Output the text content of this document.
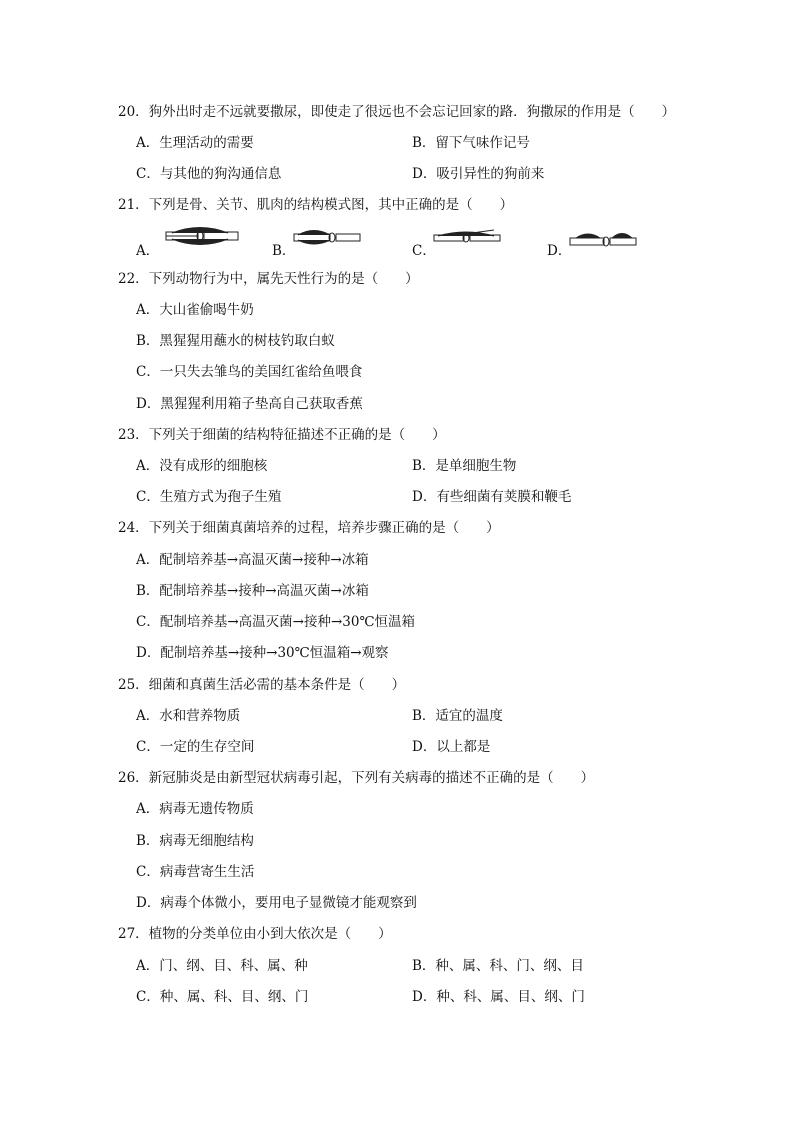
20．狗外出时走不远就要撒尿，即使走了很远也不会忘记回家的路．狗撒尿的作用是（　　）
A．生理活动的需要	B．留下气味作记号
C．与其他的狗沟通信息	D．吸引异性的狗前来
21．下列是骨、关节、肌肉的结构模式图，其中正确的是（　　）
A．	B．	C．	D．
22．下列动物行为中，属先天性行为的是（　　）
A．大山雀偷喝牛奶
B．黑猩猩用蘸水的树枝钓取白蚁
C．一只失去雏鸟的美国红雀给鱼喂食
D．黑猩猩利用箱子垫高自己获取香蕉
23．下列关于细菌的结构特征描述不正确的是（　　）
A．没有成形的细胞核	B．是单细胞生物
C．生殖方式为孢子生殖	D．有些细菌有荚膜和鞭毛
24．下列关于细菌真菌培养的过程，培养步骤正确的是（　　）
A．配制培养基→高温灭菌→接种→冰箱
B．配制培养基→接种→高温灭菌→冰箱
C．配制培养基→高温灭菌→接种→30℃恒温箱
D．配制培养基→接种→30℃恒温箱→观察
25．细菌和真菌生活必需的基本条件是（　　）
A．水和营养物质	B．适宜的温度
C．一定的生存空间	D．以上都是
26．新冠肺炎是由新型冠状病毒引起，下列有关病毒的描述不正确的是（　　）
A．病毒无遗传物质
B．病毒无细胞结构
C．病毒营寄生生活
D．病毒个体微小，要用电子显微镜才能观察到
27．植物的分类单位由小到大依次是（　　）
A．门、纲、目、科、属、种	B．种、属、科、门、纲、目
C．种、属、科、目、纲、门	D．种、科、属、目、纲、门
